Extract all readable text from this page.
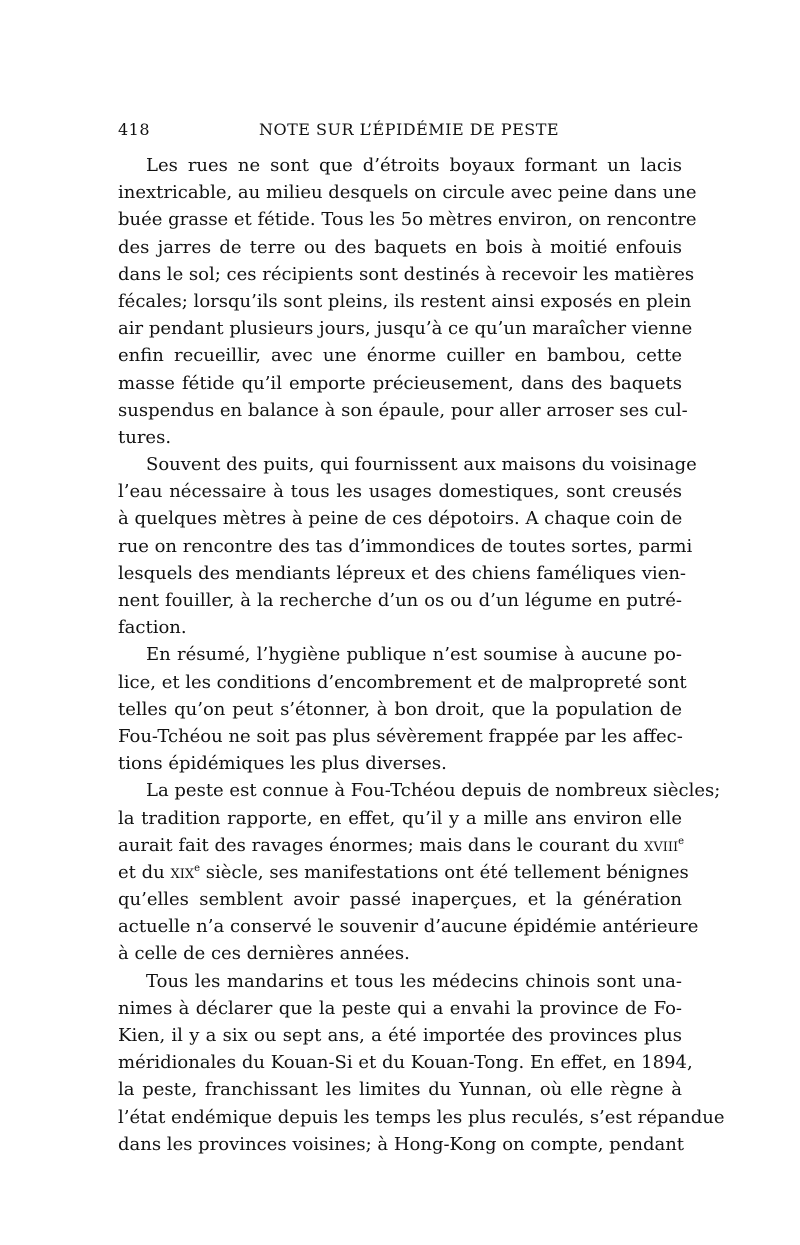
418	NOTE SUR L’ÉPIDÉMIE DE PESTE
Les rues ne sont que d’étroits boyaux formant un lacis
inextricable, au milieu desquels on circule avec peine dans une
buée grasse et fétide. Tous les 5o mètres environ, on rencontre
des jarres de terre ou des baquets en bois à moitié enfouis
dans le sol; ces récipients sont destinés à recevoir les matières
fécales; lorsqu’ils sont pleins, ils restent ainsi exposés en plein
air pendant plusieurs jours, jusqu’à ce qu’un maraîcher vienne
enfin recueillir, avec une énorme cuiller en bambou, cette
masse fétide qu’il emporte précieusement, dans des baquets
suspendus en balance à son épaule, pour aller arroser ses cul-
tures.
Souvent des puits, qui fournissent aux maisons du voisinage
l’eau nécessaire à tous les usages domestiques, sont creusés
à quelques mètres à peine de ces dépotoirs. A chaque coin de
rue on rencontre des tas d’immondices de toutes sortes, parmi
lesquels des mendiants lépreux et des chiens faméliques vien-
nent fouiller, à la recherche d’un os ou d’un légume en putré-
faction.
En résumé, l’hygiène publique n’est soumise à aucune po-
lice, et les conditions d’encombrement et de malpropreté sont
telles qu’on peut s’étonner, à bon droit, que la population de
Fou-Tchéou ne soit pas plus sévèrement frappée par les affec-
tions épidémiques les plus diverses.
La peste est connue à Fou-Tchéou depuis de nombreux siècles;
la tradition rapporte, en effet, qu’il y a mille ans environ elle
aurait fait des ravages énormes; mais dans le courant du xviii$^e$
et du xix$^e$ siècle, ses manifestations ont été tellement bénignes
qu’elles semblent avoir passé inaperçues, et la génération
actuelle n’a conservé le souvenir d’aucune épidémie antérieure
à celle de ces dernières années.
Tous les mandarins et tous les médecins chinois sont una-
nimes à déclarer que la peste qui a envahi la province de Fo-
Kien, il y a six ou sept ans, a été importée des provinces plus
méridionales du Kouan-Si et du Kouan-Tong. En effet, en 1894,
la peste, franchissant les limites du Yunnan, où elle règne à
l’état endémique depuis les temps les plus reculés, s’est répandue
dans les provinces voisines; à Hong-Kong on compte, pendant
